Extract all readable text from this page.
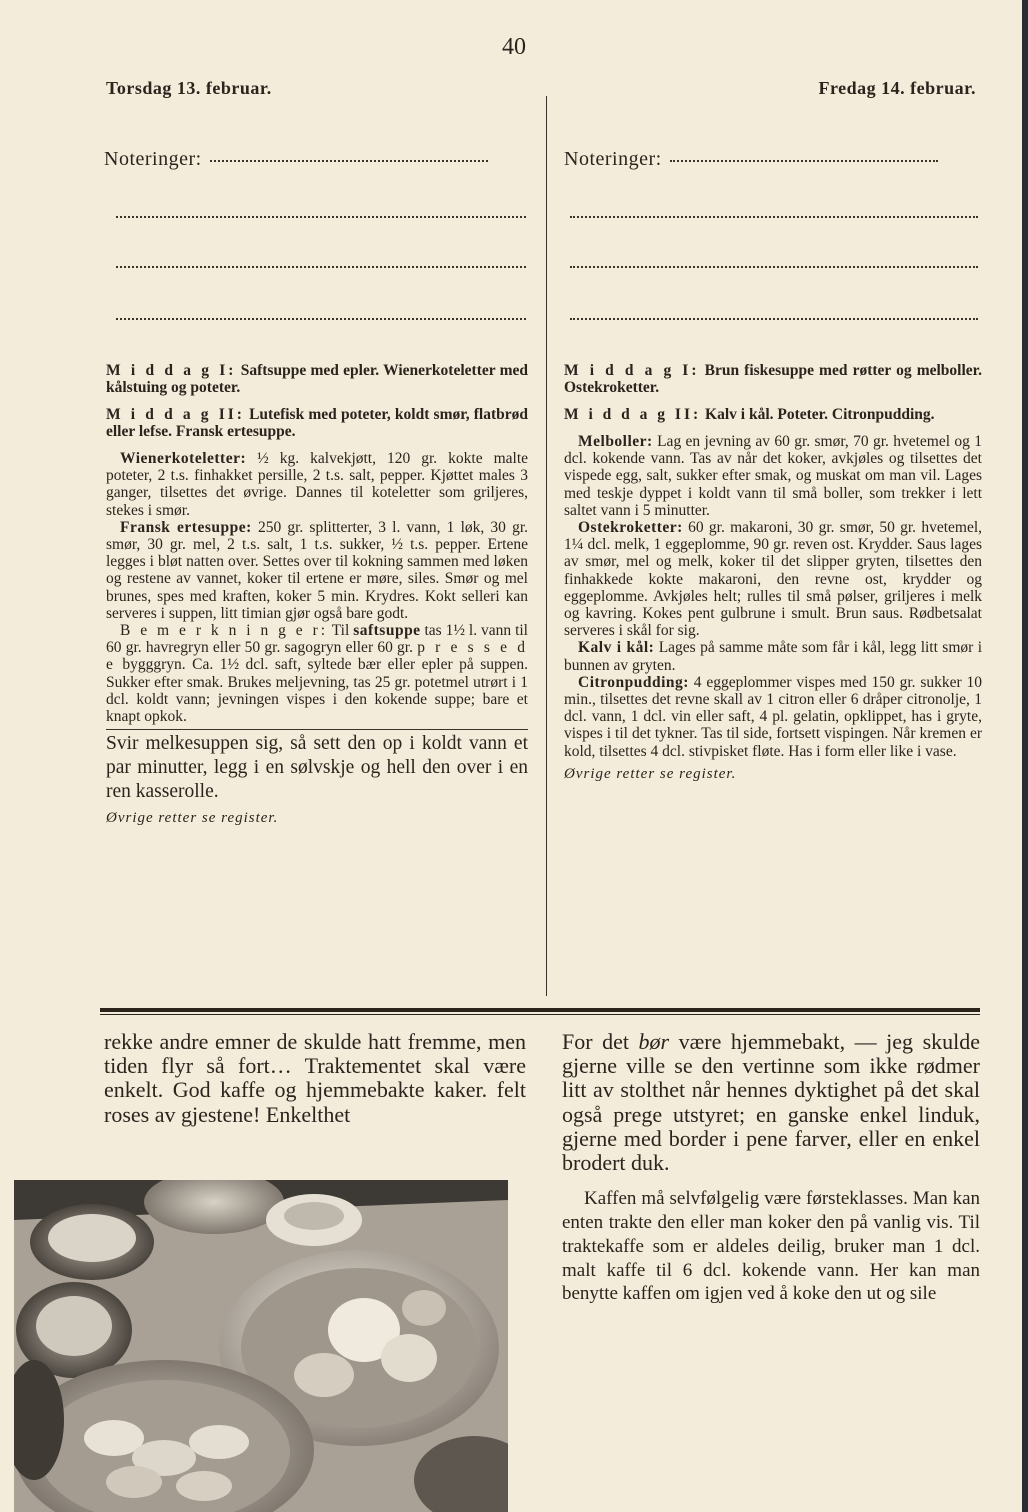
40
Torsdag 13. februar.	Fredag 14. februar.
Noteringer:	Noteringer:

M i d d a g I: Saftsuppe med epler. Wienerkoteletter med kålstuing og poteter.

M i d d a g II: Lutefisk med poteter, koldt smør, flatbrød eller lefse. Fransk ertesuppe.

Wienerkoteletter: ½ kg. kalvekjøtt, 120 gr. kokte malte poteter, 2 t.s. finhakket persille, 2 t.s. salt, pepper. Kjøttet males 3 ganger, tilsettes det øvrige. Dannes til koteletter som griljeres, stekes i smør.

Fransk ertesuppe: 250 gr. splitterter, 3 l. vann, 1 løk, 30 gr. smør, 30 gr. mel, 2 t.s. salt, 1 t.s. sukker, ½ t.s. pepper. Ertene legges i bløt natten over. Settes over til kokning sammen med løken og restene av vannet, koker til ertene er møre, siles. Smør og mel brunes, spes med kraften, koker 5 min. Krydres. Kokt selleri kan serveres i suppen, litt timian gjør også bare godt.

B e m e r k n i n g e r: Til saftsuppe tas 1½ l. vann til 60 gr. havregryn eller 50 gr. sagogryn eller 60 gr. p r e s s e d e bygggryn. Ca. 1½ dcl. saft, syltede bær eller epler på suppen. Sukker efter smak. Brukes meljevning, tas 25 gr. potetmel utrørt i 1 dcl. koldt vann; jevningen vispes i den kokende suppe; bare et knapt opkok.

Svir melkesuppen sig, så sett den op i koldt vann et par minutter, legg i en sølvskje og hell den over i en ren kasserolle.

Øvrige retter se register.

M i d d a g I: Brun fiskesuppe med røtter og melboller. Ostekroketter.

M i d d a g II: Kalv i kål. Poteter. Citronpudding.

Melboller: Lag en jevning av 60 gr. smør, 70 gr. hvetemel og 1 dcl. kokende vann. Tas av når det koker, avkjøles og tilsettes det vispede egg, salt, sukker efter smak, og muskat om man vil. Lages med teskje dyppet i koldt vann til små boller, som trekker i lett saltet vann i 5 minutter.

Ostekroketter: 60 gr. makaroni, 30 gr. smør, 50 gr. hvetemel, 1¼ dcl. melk, 1 eggeplomme, 90 gr. reven ost. Krydder. Saus lages av smør, mel og melk, koker til det slipper gryten, tilsettes den finhakkede kokte makaroni, den revne ost, krydder og eggeplomme. Avkjøles helt; rulles til små pølser, griljeres i melk og kavring. Kokes pent gulbrune i smult. Brun saus. Rødbetsalat serveres i skål for sig.

Kalv i kål: Lages på samme måte som får i kål, legg litt smør i bunnen av gryten.

Citronpudding: 4 eggeplommer vispes med 150 gr. sukker 10 min., tilsettes det revne skall av 1 citron eller 6 dråper citronolje, 1 dcl. vann, 1 dcl. vin eller saft, 4 pl. gelatin, opklippet, has i gryte, vispes i til det tykner. Tas til side, fortsett vispingen. Når kremen er kold, tilsettes 4 dcl. stivpisket fløte. Has i form eller like i vase.

Øvrige retter se register.

rekke andre emner de skulde hatt fremme, men tiden flyr så fort… Traktementet skal være enkelt. God kaffe og hjemmebakte kaker. felt roses av gjestene! Enkelthet

For det bør være hjemmebakt, — jeg skulde gjerne ville se den vertinne som ikke rødmer litt av stolthet når hennes dyktighet på det skal også prege utstyret; en ganske enkel linduk, gjerne med border i pene farver, eller en enkel brodert duk.

Kaffen må selvfølgelig være førsteklasses. Man kan enten trakte den eller man koker den på vanlig vis. Til traktekaffe som er aldeles deilig, bruker man 1 dcl. malt kaffe til 6 dcl. kokende vann. Her kan man benytte kaffen om igjen ved å koke den ut og sile
